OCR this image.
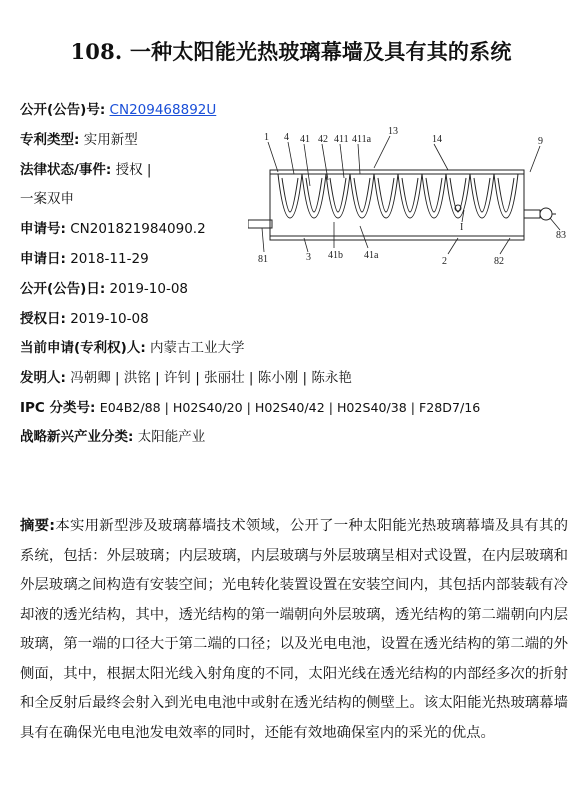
108. 一种太阳能光热玻璃幕墙及具有其的系统
公开(公告)号: CN209468892U
专利类型: 实用新型
法律状态/事件: 授权 |
一案双申
申请号: CN201821984090.2
申请日: 2018-11-29
公开(公告)日: 2019-10-08
授权日: 2019-10-08
当前申请(专利权)人: 内蒙古工业大学
发明人: 冯朝卿 | 洪铭 | 许钊 | 张丽壮 | 陈小刚 | 陈永艳
IPC 分类号: E04B2/88 | H02S40/20 | H02S40/42 | H02S40/38 | F28D7/16
战略新兴产业分类: 太阳能产业
1 4 41 42 411 411a
13
14	9
I
83
81	3 41b 41a
2	82
摘要:本实用新型涉及玻璃幕墙技术领域，公开了一种太阳能光热玻璃幕墙及具有其的系统，包括：外层玻璃；内层玻璃，内层玻璃与外层玻璃呈相对式设置，在内层玻璃和外层玻璃之间构造有安装空间；光电转化装置设置在安装空间内，其包括内部装载有冷却液的透光结构，其中，透光结构的第一端朝向外层玻璃，透光结构的第二端朝向内层玻璃，第一端的口径大于第二端的口径；以及光电电池，设置在透光结构的第二端的外侧面，其中，根据太阳光线入射角度的不同，太阳光线在透光结构的内部经多次的折射和全反射后最终会射入到光电电池中或射在透光结构的侧壁上。该太阳能光热玻璃幕墙具有在确保光电电池发电效率的同时，还能有效地确保室内的采光的优点。
